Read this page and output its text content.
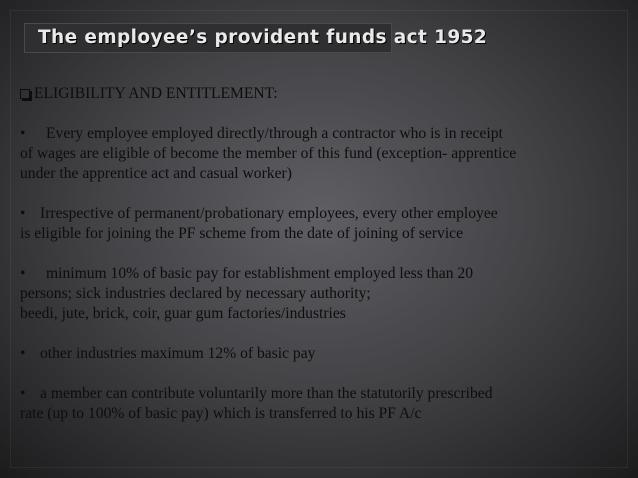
The employee’s provident funds act 1952
ELIGIBILITY AND ENTITLEMENT:
• Every employee employed directly/through a contractor who is in receipt
of wages are eligible of become the member of this fund (exception- apprentice
under the apprentice act and casual worker)
• Irrespective of permanent/probationary employees, every other employee
is eligible for joining the PF scheme from the date of joining of service
• minimum 10% of basic pay for establishment employed less than 20
persons; sick industries declared by necessary authority;
beedi, jute, brick, coir, guar gum factories/industries
• other industries maximum 12% of basic pay
• a member can contribute voluntarily more than the statutorily prescribed
rate (up to 100% of basic pay) which is transferred to his PF A/c
